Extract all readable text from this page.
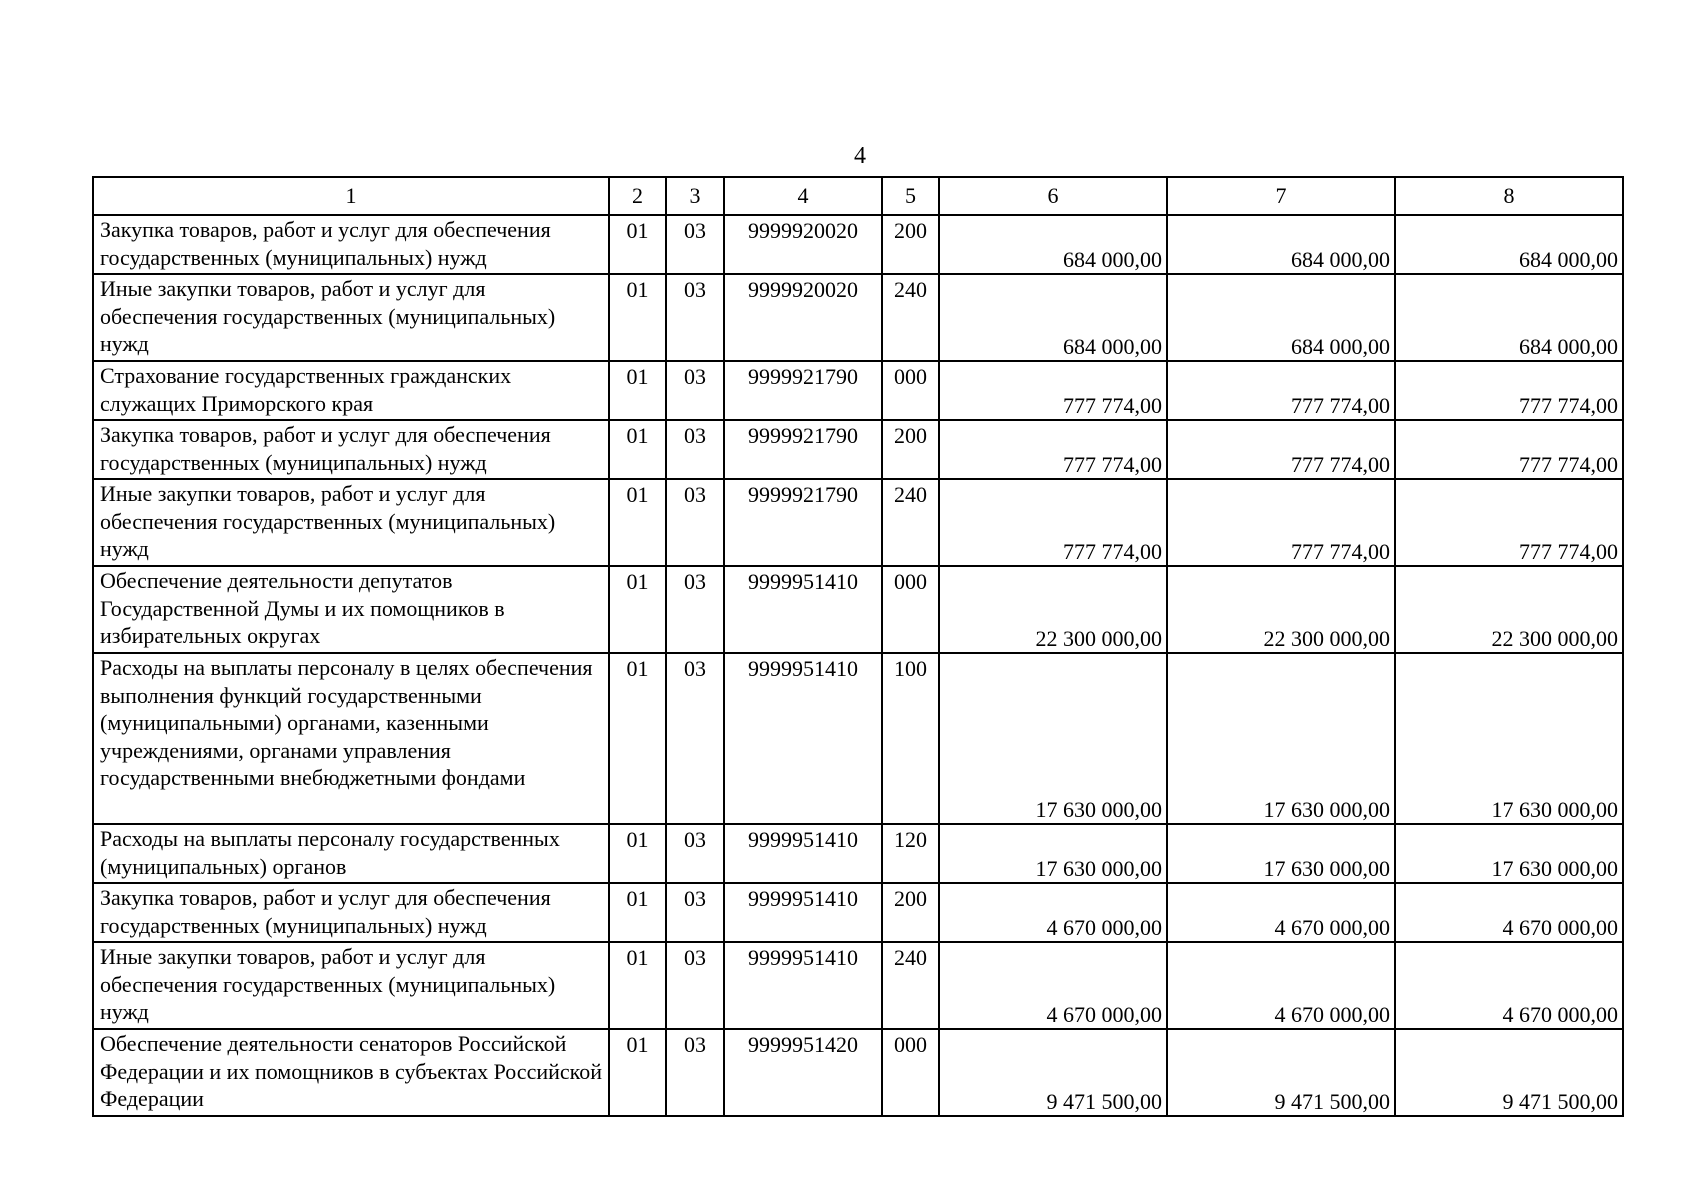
4
1	2	3	4	5	6	7	8
Закупка товаров, работ и услуг для обеспечения государственных (муниципальных) нужд	01	03	9999920020	200	684 000,00	684 000,00	684 000,00
Иные закупки товаров, работ и услуг для обеспечения государственных (муниципальных) нужд	01	03	9999920020	240	684 000,00	684 000,00	684 000,00
Страхование государственных гражданских служащих Приморского края	01	03	9999921790	000	777 774,00	777 774,00	777 774,00
Закупка товаров, работ и услуг для обеспечения государственных (муниципальных) нужд	01	03	9999921790	200	777 774,00	777 774,00	777 774,00
Иные закупки товаров, работ и услуг для обеспечения государственных (муниципальных) нужд	01	03	9999921790	240	777 774,00	777 774,00	777 774,00
Обеспечение деятельности депутатов Государственной Думы и их помощников в избирательных округах	01	03	9999951410	000	22 300 000,00	22 300 000,00	22 300 000,00
Расходы на выплаты персоналу в целях обеспечения выполнения функций государственными (муниципальными) органами, казенными учреждениями, органами управления государственными внебюджетными фондами	01	03	9999951410	100	17 630 000,00	17 630 000,00	17 630 000,00
Расходы на выплаты персоналу государственных (муниципальных) органов	01	03	9999951410	120	17 630 000,00	17 630 000,00	17 630 000,00
Закупка товаров, работ и услуг для обеспечения государственных (муниципальных) нужд	01	03	9999951410	200	4 670 000,00	4 670 000,00	4 670 000,00
Иные закупки товаров, работ и услуг для обеспечения государственных (муниципальных) нужд	01	03	9999951410	240	4 670 000,00	4 670 000,00	4 670 000,00
Обеспечение деятельности сенаторов Российской Федерации и их помощников в субъектах Российской Федерации	01	03	9999951420	000	9 471 500,00	9 471 500,00	9 471 500,00
